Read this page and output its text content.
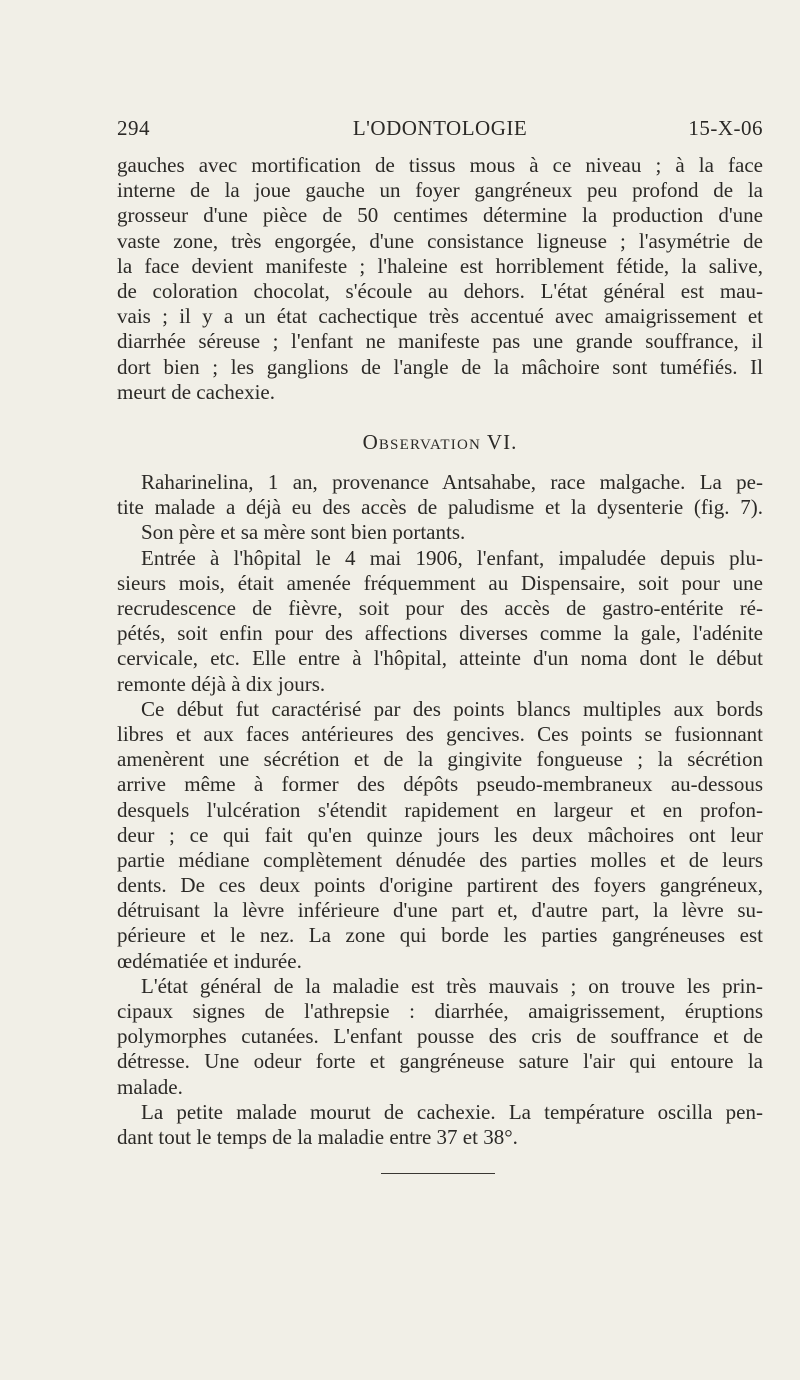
294	L'ODONTOLOGIE	15-X-06
gauches avec mortification de tissus mous à ce niveau ; à la face
interne de la joue gauche un foyer gangréneux peu profond de la
grosseur d'une pièce de 50 centimes détermine la production d'une
vaste zone, très engorgée, d'une consistance ligneuse ; l'asymétrie de
la face devient manifeste ; l'haleine est horriblement fétide, la salive,
de coloration chocolat, s'écoule au dehors. L'état général est mau-
vais ; il y a un état cachectique très accentué avec amaigrissement et
diarrhée séreuse ; l'enfant ne manifeste pas une grande souffrance, il
dort bien ; les ganglions de l'angle de la mâchoire sont tuméfiés. Il
meurt de cachexie.
OBSERVATION VI.
Raharinelina, 1 an, provenance Antsahabe, race malgache. La pe-
tite malade a déjà eu des accès de paludisme et la dysenterie (fig. 7).
Son père et sa mère sont bien portants.
Entrée à l'hôpital le 4 mai 1906, l'enfant, impaludée depuis plu-
sieurs mois, était amenée fréquemment au Dispensaire, soit pour une
recrudescence de fièvre, soit pour des accès de gastro-entérite ré-
pétés, soit enfin pour des affections diverses comme la gale, l'adénite
cervicale, etc. Elle entre à l'hôpital, atteinte d'un noma dont le début
remonte déjà à dix jours.
Ce début fut caractérisé par des points blancs multiples aux bords
libres et aux faces antérieures des gencives. Ces points se fusionnant
amenèrent une sécrétion et de la gingivite fongueuse ; la sécrétion
arrive même à former des dépôts pseudo-membraneux au-dessous
desquels l'ulcération s'étendit rapidement en largeur et en profon-
deur ; ce qui fait qu'en quinze jours les deux mâchoires ont leur
partie médiane complètement dénudée des parties molles et de leurs
dents. De ces deux points d'origine partirent des foyers gangréneux,
détruisant la lèvre inférieure d'une part et, d'autre part, la lèvre su-
périeure et le nez. La zone qui borde les parties gangréneuses est
œdématiée et indurée.
L'état général de la maladie est très mauvais ; on trouve les prin-
cipaux signes de l'athrepsie : diarrhée, amaigrissement, éruptions
polymorphes cutanées. L'enfant pousse des cris de souffrance et de
détresse. Une odeur forte et gangréneuse sature l'air qui entoure la
malade.
La petite malade mourut de cachexie. La température oscilla pen-
dant tout le temps de la maladie entre 37 et 38°.
